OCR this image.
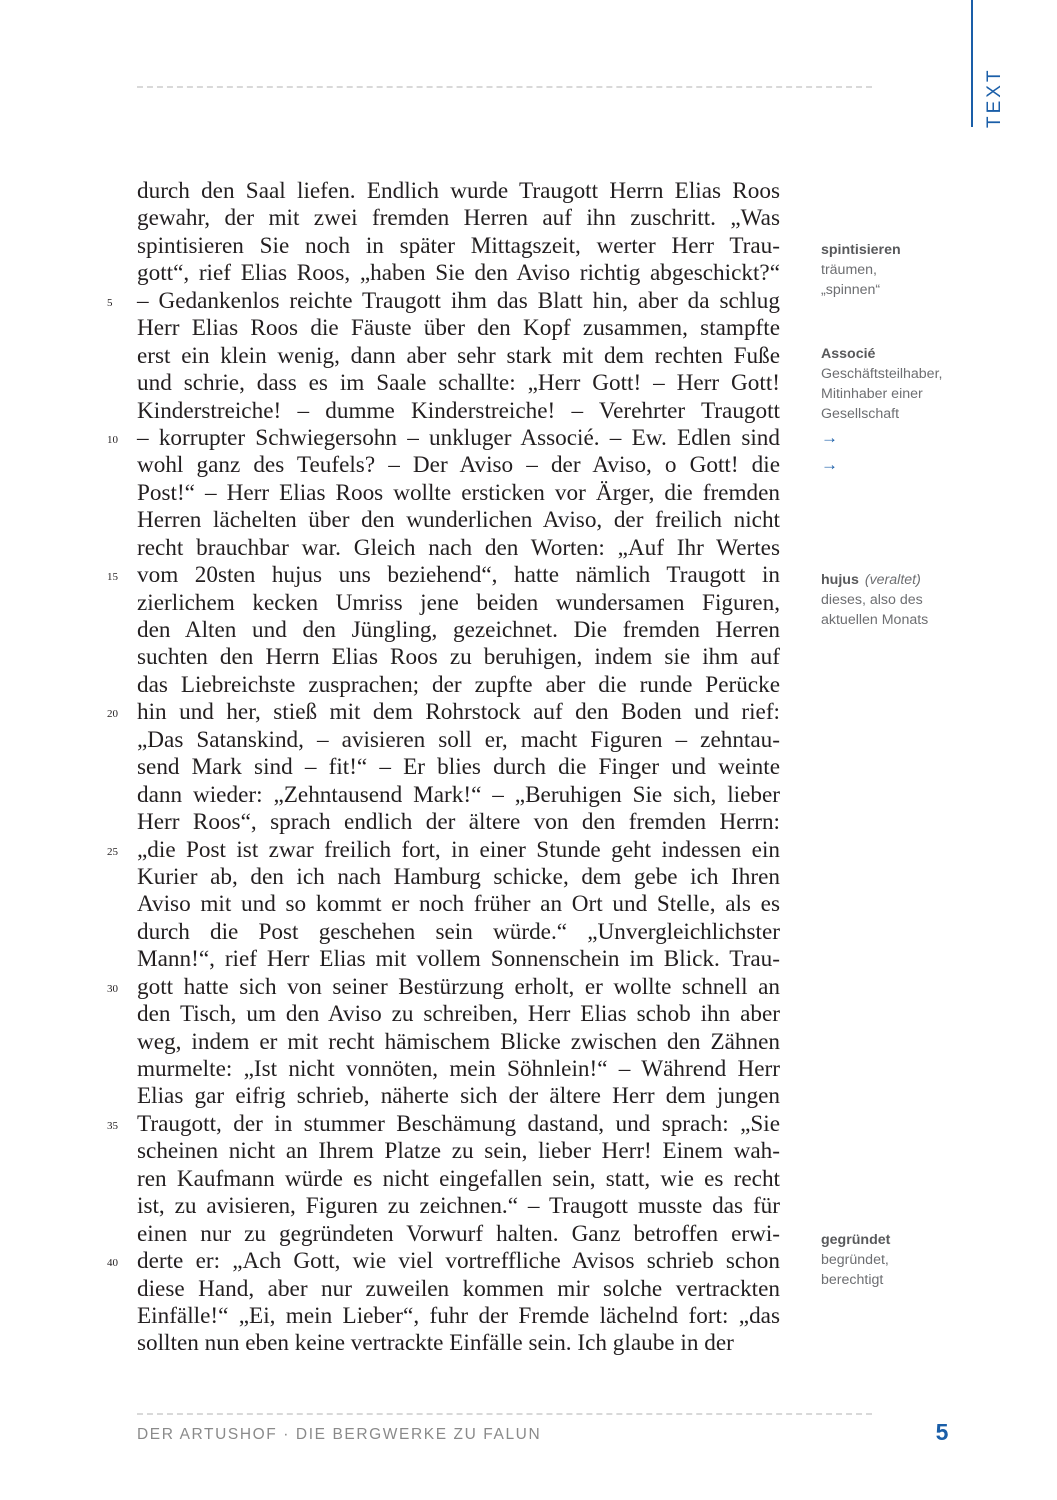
TEXT
durch den Saal liefen. Endlich wurde Traugott Herrn Elias Roos
gewahr, der mit zwei fremden Herren auf ihn zuschritt. „Was
spintisieren Sie noch in später Mittagszeit, werter Herr Trau-
gott“, rief Elias Roos, „haben Sie den Aviso richtig abgeschickt?“
5	– Gedankenlos reichte Traugott ihm das Blatt hin, aber da schlug
Herr Elias Roos die Fäuste über den Kopf zusammen, stampfte
erst ein klein wenig, dann aber sehr stark mit dem rechten Fuße
und schrie, dass es im Saale schallte: „Herr Gott! – Herr Gott!
Kinderstreiche! – dumme Kinderstreiche! – Verehrter Traugott
10 – korrupter Schwiegersohn – unkluger Associé. – Ew. Edlen sind
wohl ganz des Teufels? – Der Aviso – der Aviso, o Gott! die
Post!“ – Herr Elias Roos wollte ersticken vor Ärger, die fremden
Herren lächelten über den wunderlichen Aviso, der freilich nicht
recht brauchbar war. Gleich nach den Worten: „Auf Ihr Wertes
15 vom 20sten hujus uns beziehend“, hatte nämlich Traugott in
zierlichem kecken Umriss jene beiden wundersamen Figuren,
den Alten und den Jüngling, gezeichnet. Die fremden Herren
suchten den Herrn Elias Roos zu beruhigen, indem sie ihm auf
das Liebreichste zusprachen; der zupfte aber die runde Perücke
20 hin und her, stieß mit dem Rohrstock auf den Boden und rief:
„Das Satanskind, – avisieren soll er, macht Figuren – zehntau-
send Mark sind – fit!“ – Er blies durch die Finger und weinte
dann wieder: „Zehntausend Mark!“ – „Beruhigen Sie sich, lieber
Herr Roos“, sprach endlich der ältere von den fremden Herrn:
25 „die Post ist zwar freilich fort, in einer Stunde geht indessen ein
Kurier ab, den ich nach Hamburg schicke, dem gebe ich Ihren
Aviso mit und so kommt er noch früher an Ort und Stelle, als es
durch die Post geschehen sein würde.“ „Unvergleichlichster
Mann!“, rief Herr Elias mit vollem Sonnenschein im Blick. Trau-
30 gott hatte sich von seiner Bestürzung erholt, er wollte schnell an
den Tisch, um den Aviso zu schreiben, Herr Elias schob ihn aber
weg, indem er mit recht hämischem Blicke zwischen den Zähnen
murmelte: „Ist nicht vonnöten, mein Söhnlein!“ – Während Herr
Elias gar eifrig schrieb, näherte sich der ältere Herr dem jungen
35 Traugott, der in stummer Beschämung dastand, und sprach: „Sie
scheinen nicht an Ihrem Platze zu sein, lieber Herr! Einem wah-
ren Kaufmann würde es nicht eingefallen sein, statt, wie es recht
ist, zu avisieren, Figuren zu zeichnen.“ – Traugott musste das für
einen nur zu gegründeten Vorwurf halten. Ganz betroffen erwi-
40 derte er: „Ach Gott, wie viel vortreffliche Avisos schrieb schon
diese Hand, aber nur zuweilen kommen mir solche vertrackten
Einfälle!“ „Ei, mein Lieber“, fuhr der Fremde lächelnd fort: „das
sollten nun eben keine vertrackte Einfälle sein. Ich glaube in der
spintisieren
träumen,
„spinnen“
Associé
Geschäftsteilhaber,
Mitinhaber einer
Gesellschaft
→
→
hujus (veraltet)
dieses, also des
aktuellen Monats
gegründet
begründet,
berechtigt
DER ARTUSHOF · DIE BERGWERKE ZU FALUN	5
